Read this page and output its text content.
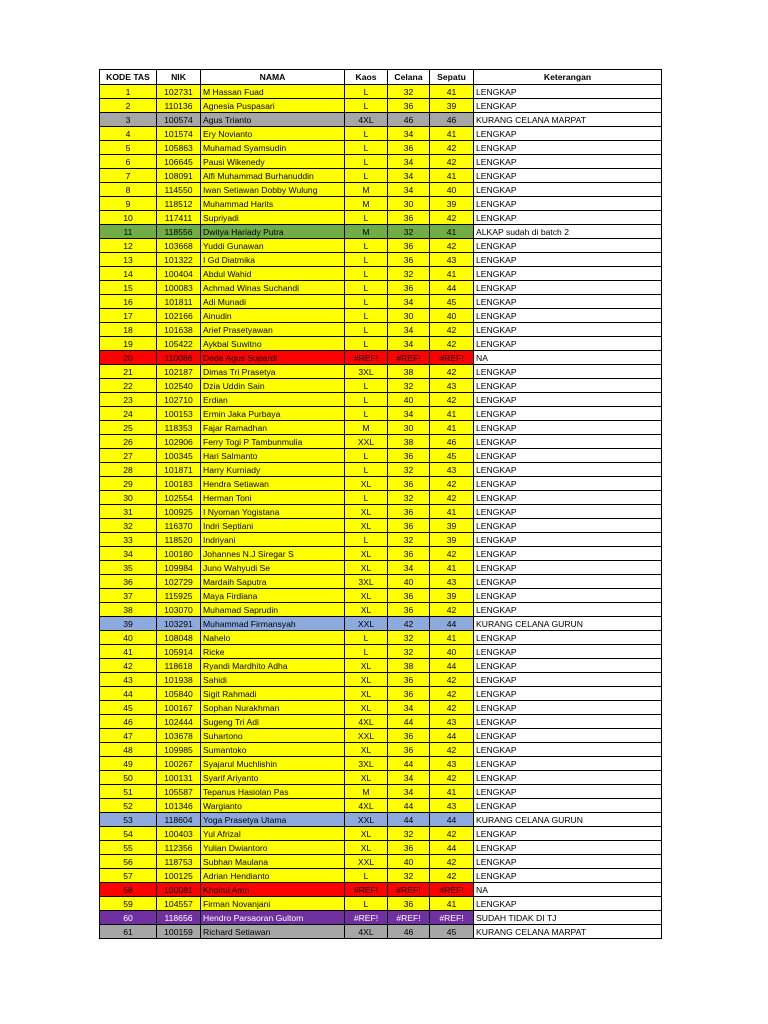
KODE TAS	NIK	NAMA	Kaos	Celana	Sepatu	Keterangan
1	102731	M Hassan Fuad	L	32	41	LENGKAP
2	110136	Agnesia Puspasari	L	36	39	LENGKAP
3	100574	Agus Trianto	4XL	46	46	KURANG CELANA MARPAT
4	101574	Ery Novianto	L	34	41	LENGKAP
5	105863	Muhamad Syamsudin	L	36	42	LENGKAP
6	106645	Pausi Wikenedy	L	34	42	LENGKAP
7	108091	Alfi Muhammad Burhanuddin	L	34	41	LENGKAP
8	114550	Iwan Setiawan Dobby Wulung	M	34	40	LENGKAP
9	118512	Muhammad Harits	M	30	39	LENGKAP
10	117411	Supriyadi	L	36	42	LENGKAP
11	118556	Dwitya Hariady Putra	M	32	41	ALKAP sudah di batch 2
12	103668	Yuddi Gunawan	L	36	42	LENGKAP
13	101322	I Gd Diatmika	L	36	43	LENGKAP
14	100404	Abdul Wahid	L	32	41	LENGKAP
15	100083	Achmad Winas Suchandi	L	36	44	LENGKAP
16	101811	Adi Munadi	L	34	45	LENGKAP
17	102166	Ainudin	L	30	40	LENGKAP
18	101638	Arief Prasetyawan	L	34	42	LENGKAP
19	105422	Aykbal Suwitno	L	34	42	LENGKAP
20	110086	Dede Agus Supardi	#REF!	#REF!	#REF!	NA
21	102187	Dimas Tri Prasetya	3XL	38	42	LENGKAP
22	102540	Dzia Uddin Sain	L	32	43	LENGKAP
23	102710	Erdian	L	40	42	LENGKAP
24	100153	Ermin Jaka Purbaya	L	34	41	LENGKAP
25	118353	Fajar Ramadhan	M	30	41	LENGKAP
26	102906	Ferry Togi P Tambunmulia	XXL	38	46	LENGKAP
27	100345	Hari Salmanto	L	36	45	LENGKAP
28	101871	Harry Kurniady	L	32	43	LENGKAP
29	100183	Hendra Setiawan	XL	36	42	LENGKAP
30	102554	Herman Toni	L	32	42	LENGKAP
31	100925	I Nyoman Yogistana	XL	36	41	LENGKAP
32	116370	Indri Septiani	XL	36	39	LENGKAP
33	118520	Indriyani	L	32	39	LENGKAP
34	100180	Johannes N.J Siregar S	XL	36	42	LENGKAP
35	109984	Juno Wahyudi Se	XL	34	41	LENGKAP
36	102729	Mardaih Saputra	3XL	40	43	LENGKAP
37	115925	Maya Firdiana	XL	36	39	LENGKAP
38	103070	Muhamad Saprudin	XL	36	42	LENGKAP
39	103291	Muhammad Firmansyah	XXL	42	44	KURANG CELANA GURUN
40	108048	Nahelo	L	32	41	LENGKAP
41	105914	Ricke	L	32	40	LENGKAP
42	118618	Ryandi Mardhito Adha	XL	38	44	LENGKAP
43	101938	Sahidi	XL	36	42	LENGKAP
44	105840	Sigit Rahmadi	XL	36	42	LENGKAP
45	100167	Sophan Nurakhman	XL	34	42	LENGKAP
46	102444	Sugeng Tri Adi	4XL	44	43	LENGKAP
47	103678	Suhartono	XXL	36	44	LENGKAP
48	109985	Sumantoko	XL	36	42	LENGKAP
49	100267	Syajarul Muchlishin	3XL	44	43	LENGKAP
50	100131	Syarif Ariyanto	XL	34	42	LENGKAP
51	105587	Tepanus Hasiolan Pas	M	34	41	LENGKAP
52	101346	Wargianto	4XL	44	43	LENGKAP
53	118604	Yoga Prasetya Utama	XXL	44	44	KURANG CELANA GURUN
54	100403	Yul Afrizal	XL	32	42	LENGKAP
55	112356	Yulian Dwiantoro	XL	36	44	LENGKAP
56	118753	Subhan Maulana	XXL	40	42	LENGKAP
57	100125	Adrian Hendianto	L	32	42	LENGKAP
58	100081	Khoirul Amri	#REF!	#REF!	#REF!	NA
59	104557	Firman Novanjani	L	36	41	LENGKAP
60	118656	Hendro Parsaoran Gultom	#REF!	#REF!	#REF!	SUDAH TIDAK DI TJ
61	100159	Richard Setiawan	4XL	46	45	KURANG CELANA MARPAT
